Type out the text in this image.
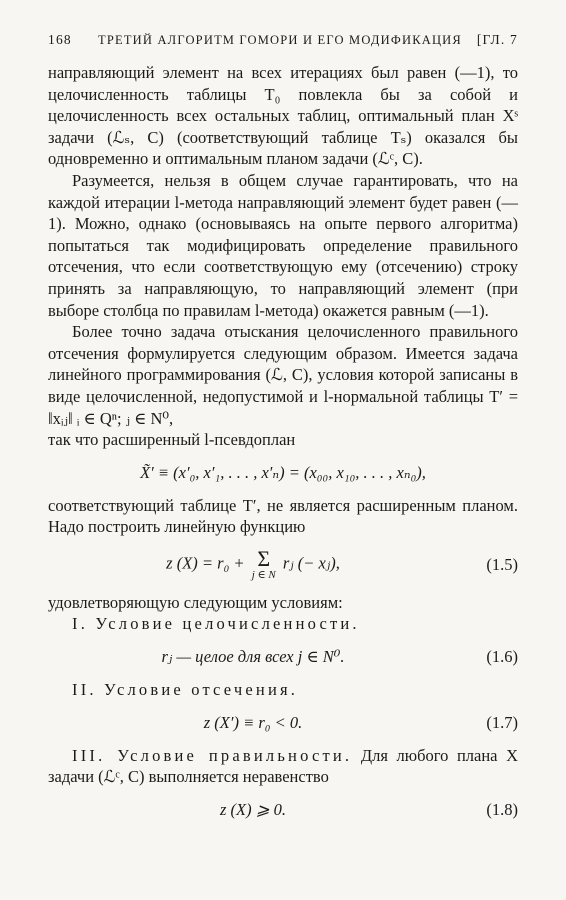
168	ТРЕТИЙ АЛГОРИТМ ГОМОРИ И ЕГО МОДИФИКАЦИЯ	[ГЛ. 7

направляющий элемент на всех итерациях был равен (—1), то целочисленность таблицы T₀ повлекла бы за собой и целочисленность всех остальных таблиц, оптимальный план Xˢ задачи (ℒₛ, C) (соответствующий таблице Tₛ) оказался бы одновременно и оптимальным планом задачи (ℒᶜ, C).

Разумеется, нельзя в общем случае гарантировать, что на каждой итерации l-метода направляющий элемент будет равен (—1). Можно, однако (основываясь на опыте первого алгоритма) попытаться так модифицировать определение правильного отсечения, что если соответствующую ему (отсечению) строку принять за направляющую, то направляющий элемент (при выборе столбца по правилам l-метода) окажется равным (—1).

Более точно задача отыскания целочисленного правильного отсечения формулируется следующим образом. Имеется задача линейного программирования (ℒ, C), условия которой записаны в виде целочисленной, недопустимой и l-нормальной таблицы T′ = ‖xᵢⱼ‖ ᵢ ∈ Qⁿ; ⱼ ∈ N⁰,

так что расширенный l-псевдоплан

X̃′ ≡ (x′₀, x′₁, . . . , x′ₙ) = (x₀₀, x₁₀, . . . , xₙ₀),

соответствующий таблице T′, не является расширенным планом. Надо построить линейную функцию

z (X) = r₀ + Σ
j ∈ N
rⱼ (− xⱼ),	(1.5)

удовлетворяющую следующим условиям:

I. Условие целочисленности.
rⱼ — целое для всех j ∈ N⁰.	(1.6)
II. Условие отсечения.
z (X′) ≡ r₀ < 0.	(1.7)

III. Условие правильности. Для любого плана X задачи (ℒᶜ, C) выполняется неравенство

z (X) ⩾ 0.	(1.8)
